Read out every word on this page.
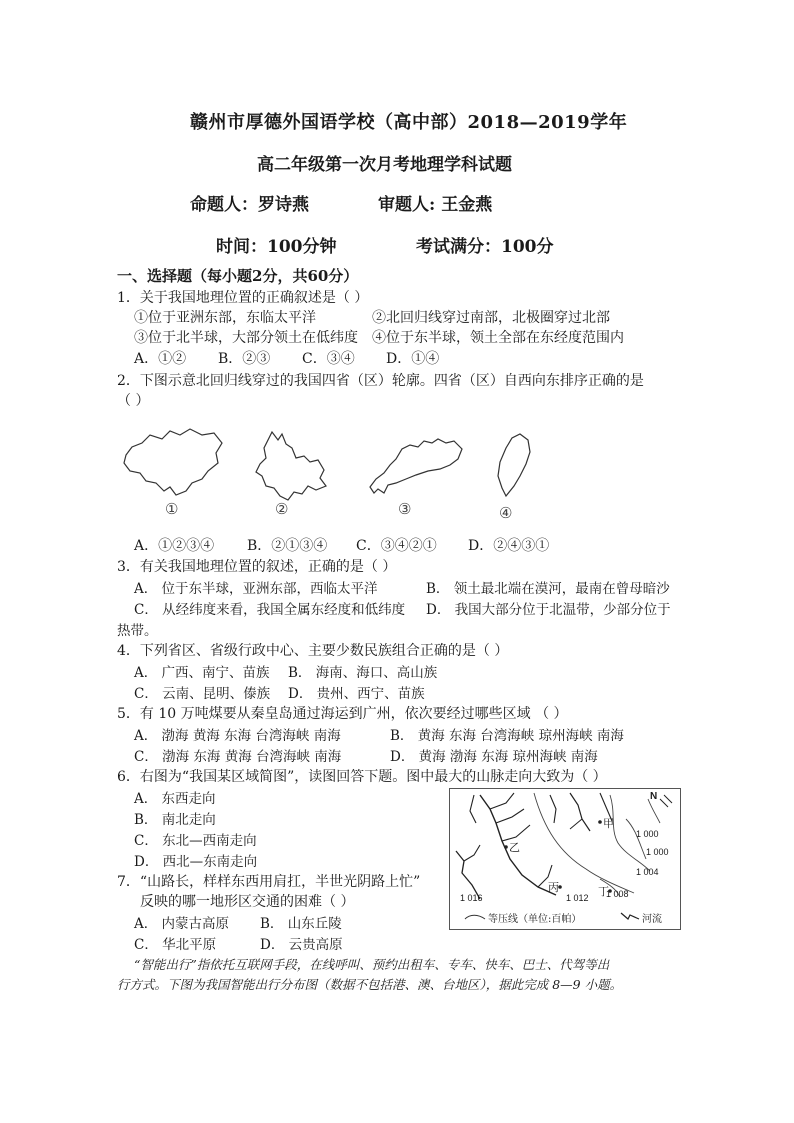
赣州市厚德外国语学校（高中部）2018—2019学年
高二年级第一次月考地理学科试题
命题人：罗诗燕	审题人: 王金燕
时间：100分钟	考试满分：100分
一、选择题（每小题2分，共60分）
1．关于我国地理位置的正确叙述是（ ）
①位于亚洲东部，东临太平洋	②北回归线穿过南部，北极圈穿过北部
③位于北半球，大部分领土在低纬度 ④位于东半球，领土全部在东经度范围内
A．①② B．②③ C．③④ D．①④
2．下图示意北回归线穿过的我国四省（区）轮廓。四省（区）自西向东排序正确的是
（ ）
①	②	③	④
A．①②③④ B．②①③④ C．③④②① D．②④③①
3．有关我国地理位置的叙述，正确的是（ ）
A． 位于东半球，亚洲东部，西临太平洋	B． 领土最北端在漠河，最南在曾母暗沙
C． 从经纬度来看，我国全属东经度和低纬度 D． 我国大部分位于北温带，少部分位于
热带。
4．下列省区、省级行政中心、主要少数民族组合正确的是（ ）
A． 广西、南宁、苗族 B． 海南、海口、高山族
C． 云南、昆明、傣族 D． 贵州、西宁、苗族
5．有 10 万吨煤要从秦皇岛通过海运到广州，依次要经过哪些区域 （ ）
A． 渤海 黄海 东海 台湾海峡 南海	B． 黄海 东海 台湾海峡 琼州海峡 南海
C． 渤海 东海 黄海 台湾海峡 南海	D． 黄海 渤海 东海 琼州海峡 南海
6．右图为“我国某区域简图”，读图回答下题。图中最大的山脉走向大致为（ ）
A． 东西走向
B． 南北走向
C． 东北—西南走向
D． 西北—东南走向
N
甲
乙
丙	丁
1 000
1 000
1 004
1 016	1 012 1 008
等压线（单位:百帕）	河流
7．“山路长，样样东西用肩扛，半世光阴路上忙”
反映的哪一地形区交通的困难（ ）
A． 内蒙古高原 B． 山东丘陵
C． 华北平原	D． 云贵高原
“智能出行”指依托互联网手段，在线呼叫、预约出租车、专车、快车、巴士、代驾等出
行方式。下图为我国智能出行分布图（数据不包括港、澳、台地区），据此完成 8—9 小题。
